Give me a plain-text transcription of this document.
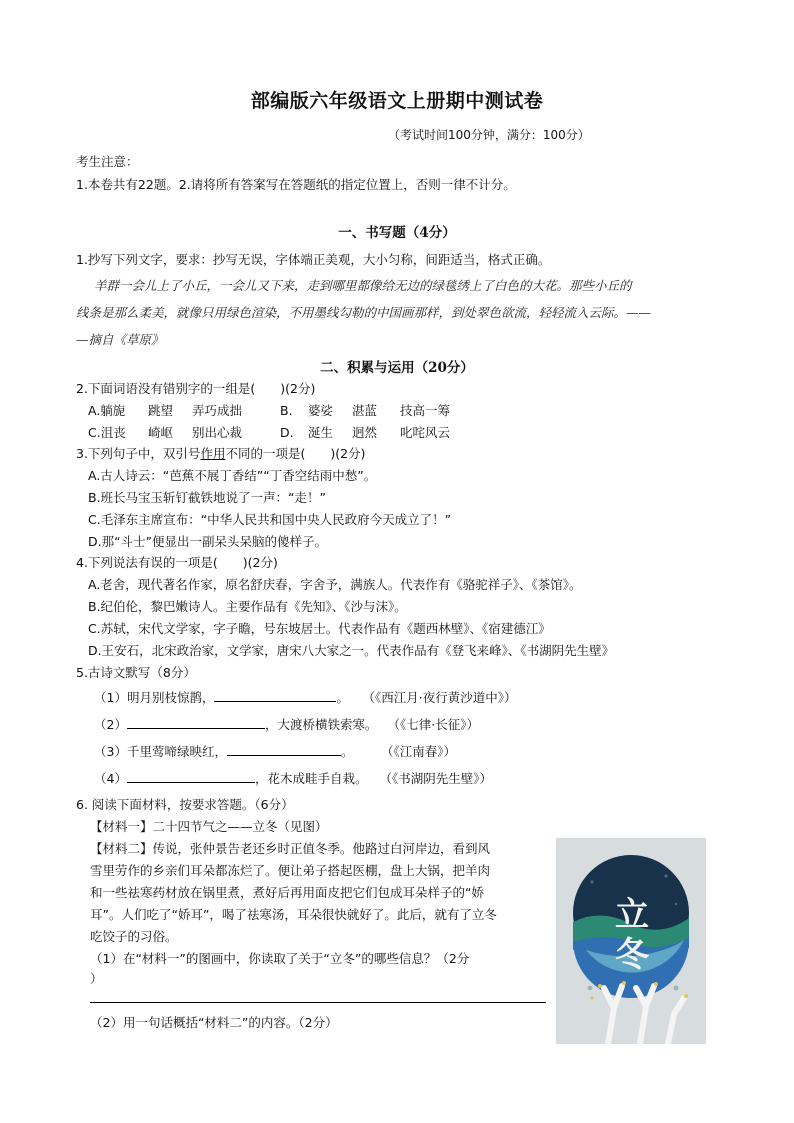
部编版六年级语文上册期中测试卷
（考试时间100分钟，满分：100分）
考生注意：
1.本卷共有22题。2.请将所有答案写在答题纸的指定位置上，否则一律不计分。
一、书写题（4分）
1.抄写下列文字，要求：抄写无误，字体端正美观，大小匀称，间距适当，格式正确。
羊群一会儿上了小丘，一会儿又下来，走到哪里都像给无边的绿毯绣上了白色的大花。那些小丘的
线条是那么柔美，就像只用绿色渲染，不用墨线勾勒的中国画那样，到处翠色欲流，轻轻流入云际。——
—摘自《草原》
二、积累与运用（20分）
2.下面词语没有错别字的一组是(　　)(2分)
A.躺旎 跳望 弄巧成拙	B. 婆娑 湛蓝 技高一筹
C.沮丧 崎岖 别出心裁	D. 涎生 迥然 叱咤风云
3.下列句子中，双引号作用不同的一项是(　　)(2分)
A.古人诗云：“芭蕉不展丁香结”“丁香空结雨中愁”。
B.班长马宝玉斩钉截铁地说了一声：“走！”
C.毛泽东主席宣布：“中华人民共和国中央人民政府今天成立了！”
D.那“斗士”便显出一副呆头呆脑的傻样子。
4.下列说法有误的一项是(　　)(2分)
A.老舍，现代著名作家，原名舒庆春，字舍予，满族人。代表作有《骆驼祥子》、《茶馆》。
B.纪伯伦，黎巴嫩诗人。主要作品有《先知》、《沙与沫》。
C.苏轼，宋代文学家，字子瞻，号东坡居士。代表作品有《题西林壁》、《宿建德江》
D.王安石，北宋政治家，文学家，唐宋八大家之一。代表作品有《登飞来峰》、《书湖阴先生壁》
5.古诗文默写（8分）
（1）明月别枝惊鹊，	。 （《西江月·夜行黄沙道中》）
（2）	，大渡桥横铁索寒。 （《七律·长征》）
（3）千里莺啼绿映红，	。 （《江南春》）
（4）	，花木成畦手自栽。 （《书湖阴先生壁》）
6. 阅读下面材料，按要求答题。（6分）
【材料一】二十四节气之——立冬（见图）
【材料二】传说，张仲景告老还乡时正值冬季。他路过白河岸边，看到风
雪里劳作的乡亲们耳朵都冻烂了。便让弟子搭起医棚，盘上大锅，把羊肉
和一些祛寒药材放在锅里煮，煮好后再用面皮把它们包成耳朵样子的“娇
耳”。人们吃了“娇耳”，喝了祛寒汤，耳朵很快就好了。此后，就有了立冬
吃饺子的习俗。
（1）在“材料一”的图画中，你读取了关于“立冬”的哪些信息？（2分
）
（2）用一句话概括“材料二”的内容。（2分）
立
冬
